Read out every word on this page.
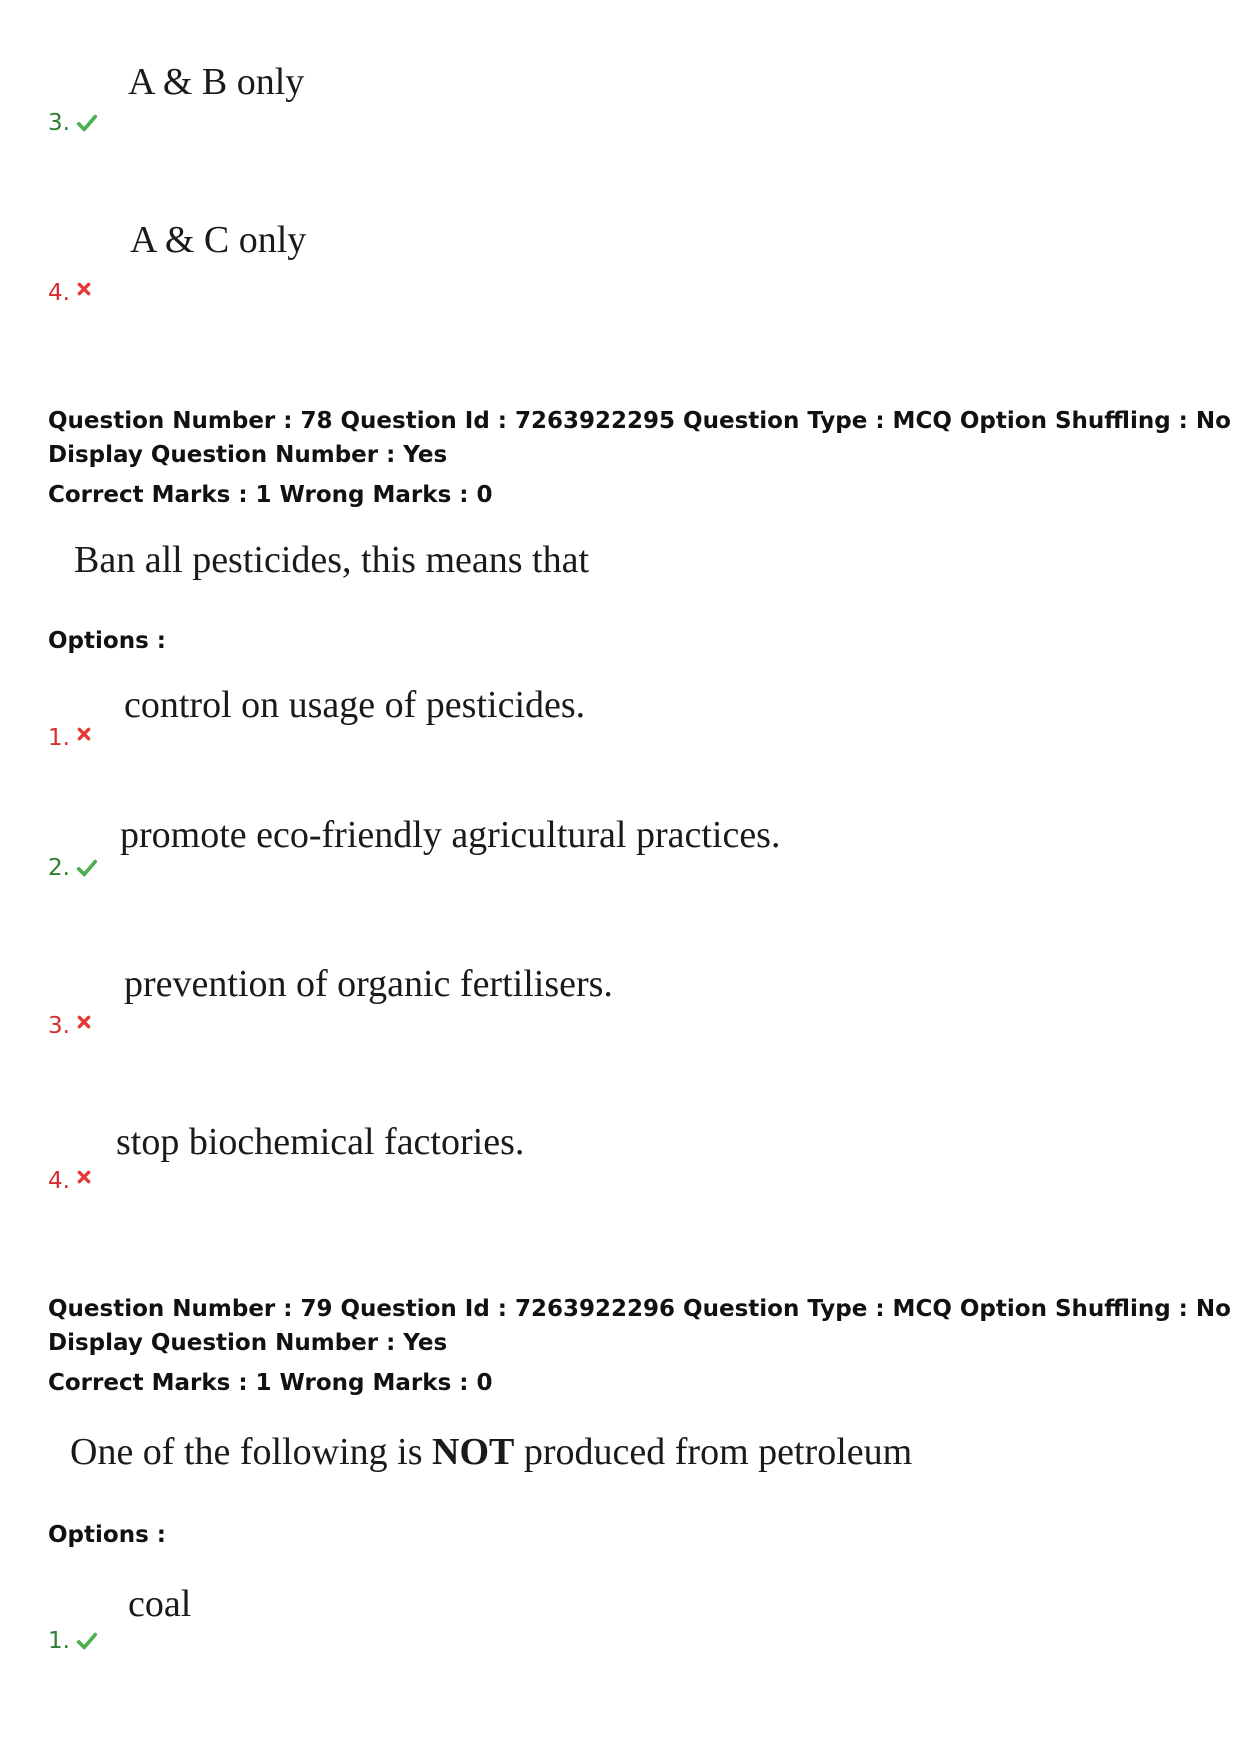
A & B only
3.
A & C only
4.
Question Number : 78 Question Id : 7263922295 Question Type : MCQ Option Shuffling : No
Display Question Number : Yes
Correct Marks : 1 Wrong Marks : 0
Ban all pesticides, this means that
Options :
control on usage of pesticides.
1.
promote eco-friendly agricultural practices.
2.
prevention of organic fertilisers.
3.
stop biochemical factories.
4.
Question Number : 79 Question Id : 7263922296 Question Type : MCQ Option Shuffling : No
Display Question Number : Yes
Correct Marks : 1 Wrong Marks : 0
One of the following is NOT produced from petroleum
Options :
coal
1.
